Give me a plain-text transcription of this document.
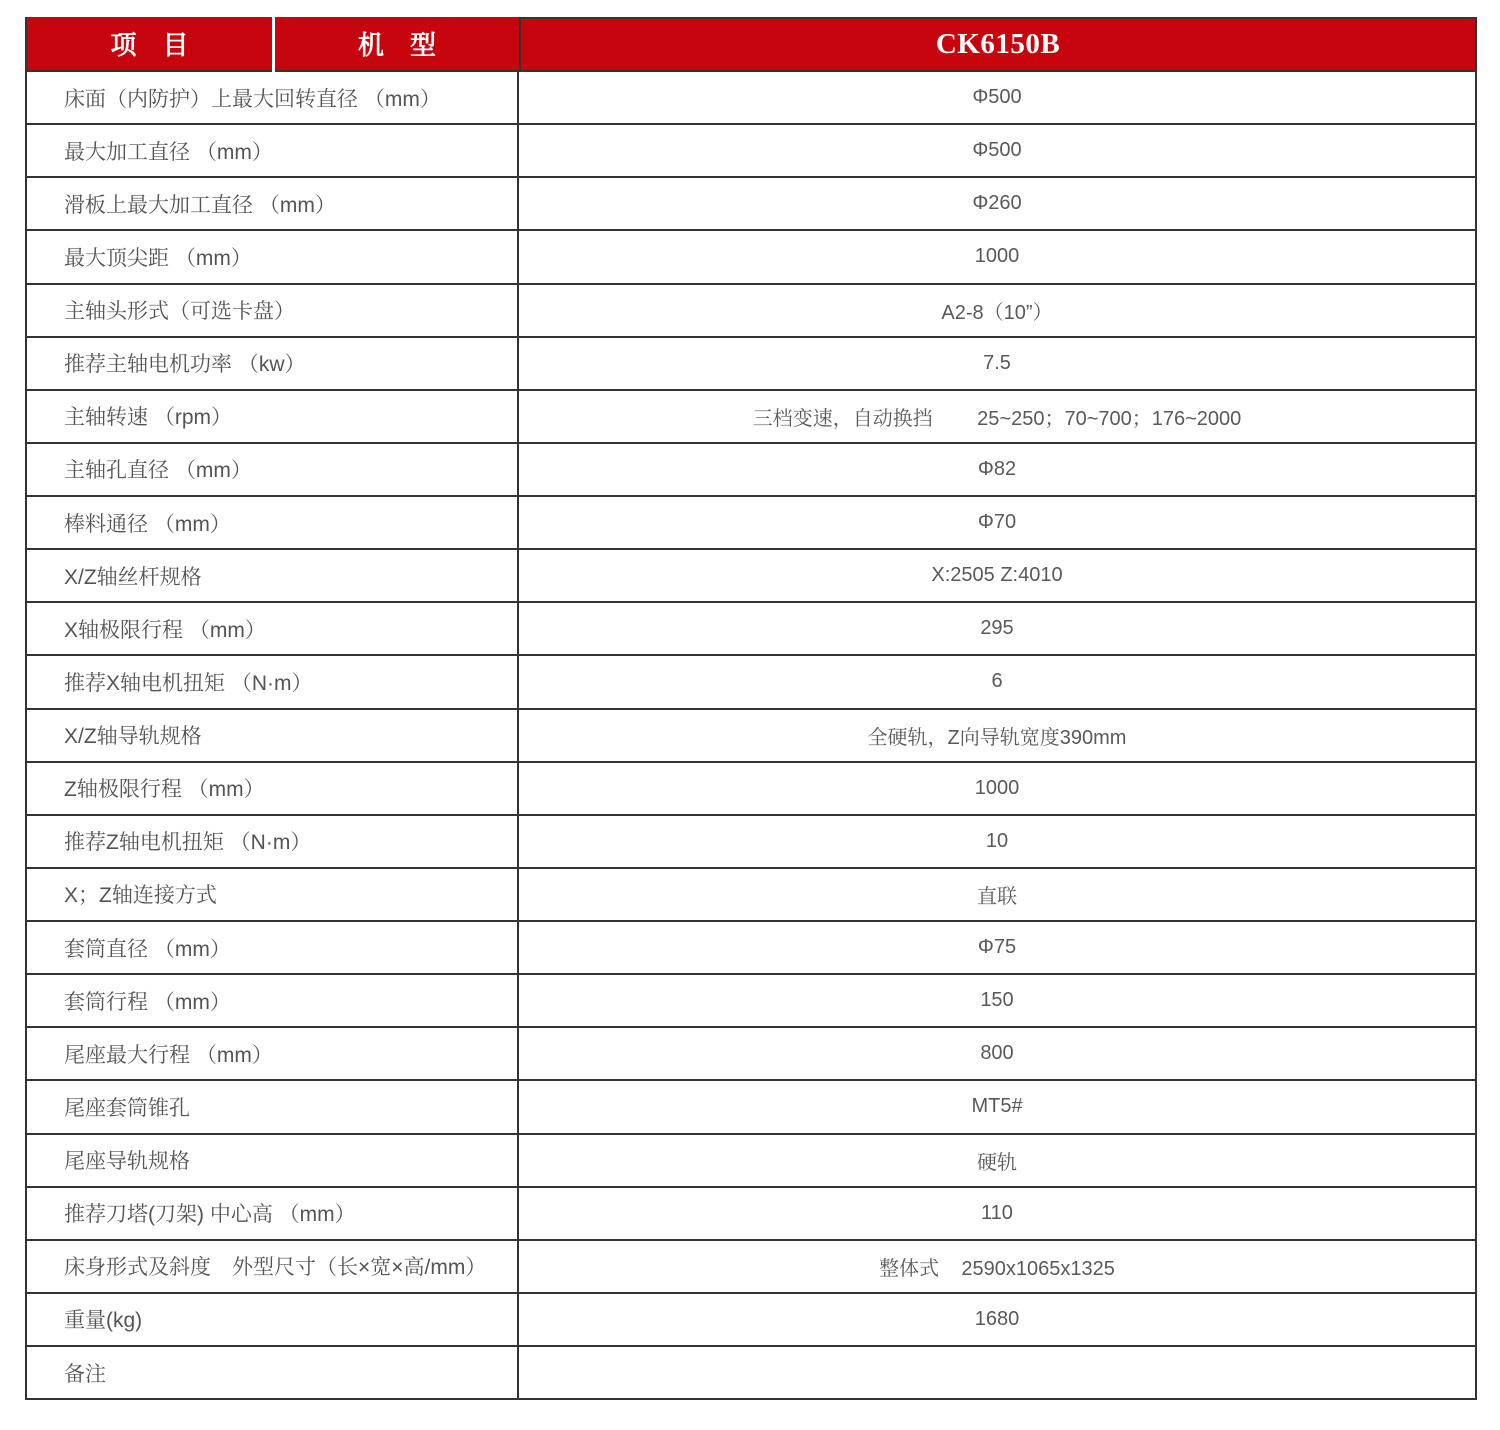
项　目	机　型	CK6150B
床面（内防护）上最大回转直径 （mm）	Φ500
最大加工直径 （mm）	Φ500
滑板上最大加工直径 （mm）	Φ260
最大顶尖距 （mm）	1000
主轴头形式（可选卡盘）	A2-8（10”）
推荐主轴电机功率 （kw）	7.5
主轴转速 （rpm）	三档变速，自动换挡        25~250；70~700；176~2000
主轴孔直径 （mm）	Φ82
棒料通径 （mm）	Φ70
X/Z轴丝杆规格	X:2505 Z:4010
X轴极限行程 （mm）	295
推荐X轴电机扭矩 （N·m）	6
X/Z轴导轨规格	全硬轨，Z向导轨宽度390mm
Z轴极限行程 （mm）	1000
推荐Z轴电机扭矩 （N·m）	10
X；Z轴连接方式	直联
套筒直径 （mm）	Φ75
套筒行程 （mm）	150
尾座最大行程 （mm）	800
尾座套筒锥孔	MT5#
尾座导轨规格	硬轨
推荐刀塔(刀架) 中心高 （mm）	110
床身形式及斜度　外型尺寸（长×宽×高/mm）	整体式    2590x1065x1325
重量(kg)	1680
备注
